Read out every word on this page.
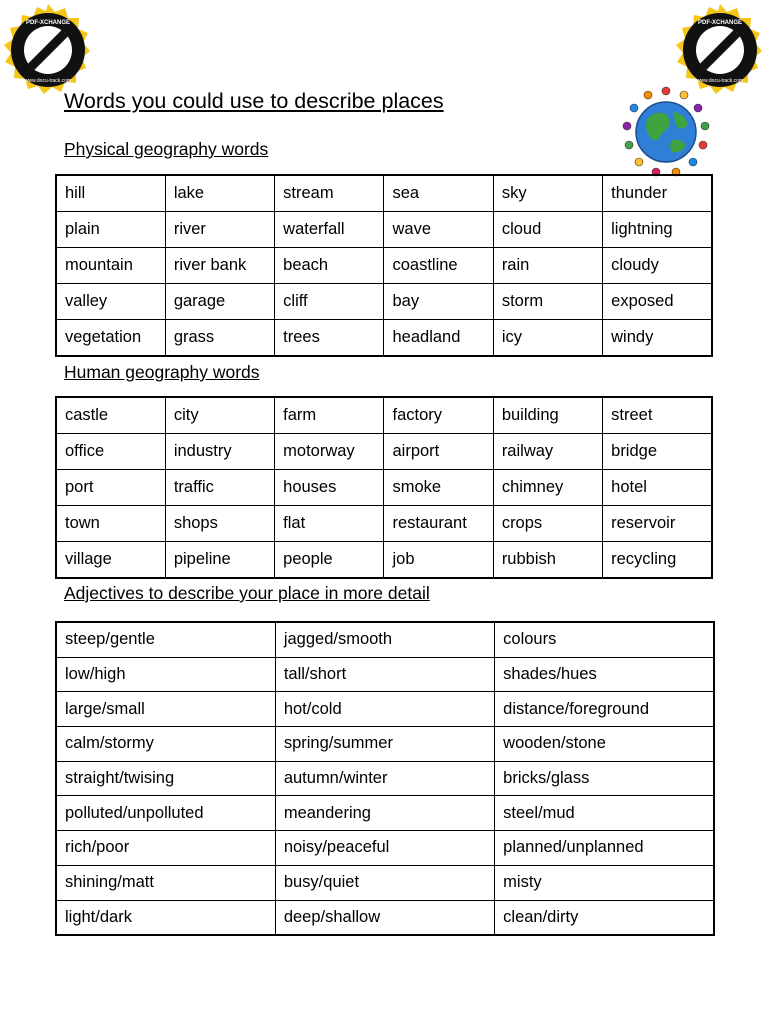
PDF-XCHANGE
Click to buy NOW!
www.docu-track.com
PDF-XCHANGE
Click to buy NOW!
www.docu-track.com
Words you could use to describe places
Physical geography words
hill	lake	stream	sea	sky	thunder
plain	river	waterfall	wave	cloud	lightning
mountain	river bank	beach	coastline	rain	cloudy
valley	garage	cliff	bay	storm	exposed
vegetation	grass	trees	headland	icy	windy
Human geography words
castle	city	farm	factory	building	street
office	industry	motorway	airport	railway	bridge
port	traffic	houses	smoke	chimney	hotel
town	shops	flat	restaurant	crops	reservoir
village	pipeline	people	job	rubbish	recycling
Adjectives to describe your place in more detail
steep/gentle	jagged/smooth	colours
low/high	tall/short	shades/hues
large/small	hot/cold	distance/foreground
calm/stormy	spring/summer	wooden/stone
straight/twising	autumn/winter	bricks/glass
polluted/unpolluted	meandering	steel/mud
rich/poor	noisy/peaceful	planned/unplanned
shining/matt	busy/quiet	misty
light/dark	deep/shallow	clean/dirty
